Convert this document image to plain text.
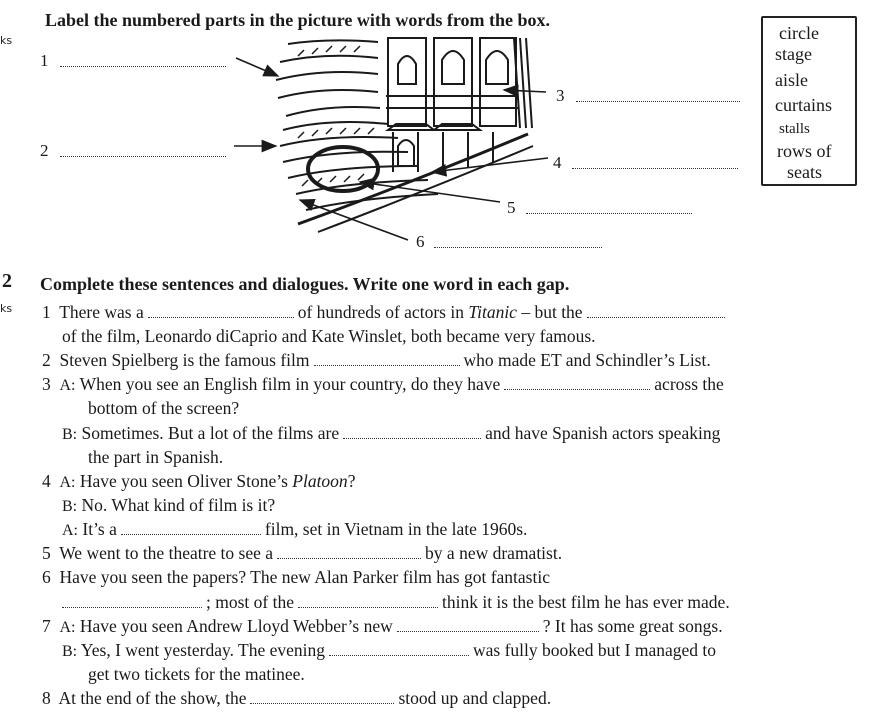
ks
ks
Label the numbered parts in the picture with words from the box.
1
2
3
4
5
6
circle
stage
aisle
curtains
stalls
rows of
seats
2 Complete these sentences and dialogues. Write one word in each gap.
1 There was a	of hundreds of actors in Titanic – but the
of the film, Leonardo diCaprio and Kate Winslet, both became very famous.
2 Steven Spielberg is the famous film	who made ET and Schindler’s List.
3 A: When you see an English film in your country, do they have	across the
bottom of the screen?
B: Sometimes. But a lot of the films are	and have Spanish actors speaking
the part in Spanish.
4 A: Have you seen Oliver Stone’s Platoon?
B: No. What kind of film is it?
A: It’s a	film, set in Vietnam in the late 1960s.
5 We went to the theatre to see a	by a new dramatist.
6 Have you seen the papers? The new Alan Parker film has got fantastic
; most of the	think it is the best film he has ever made.
7 A: Have you seen Andrew Lloyd Webber’s new	? It has some great songs.
B: Yes, I went yesterday. The evening	was fully booked but I managed to
get two tickets for the matinee.
8 At the end of the show, the	stood up and clapped.
